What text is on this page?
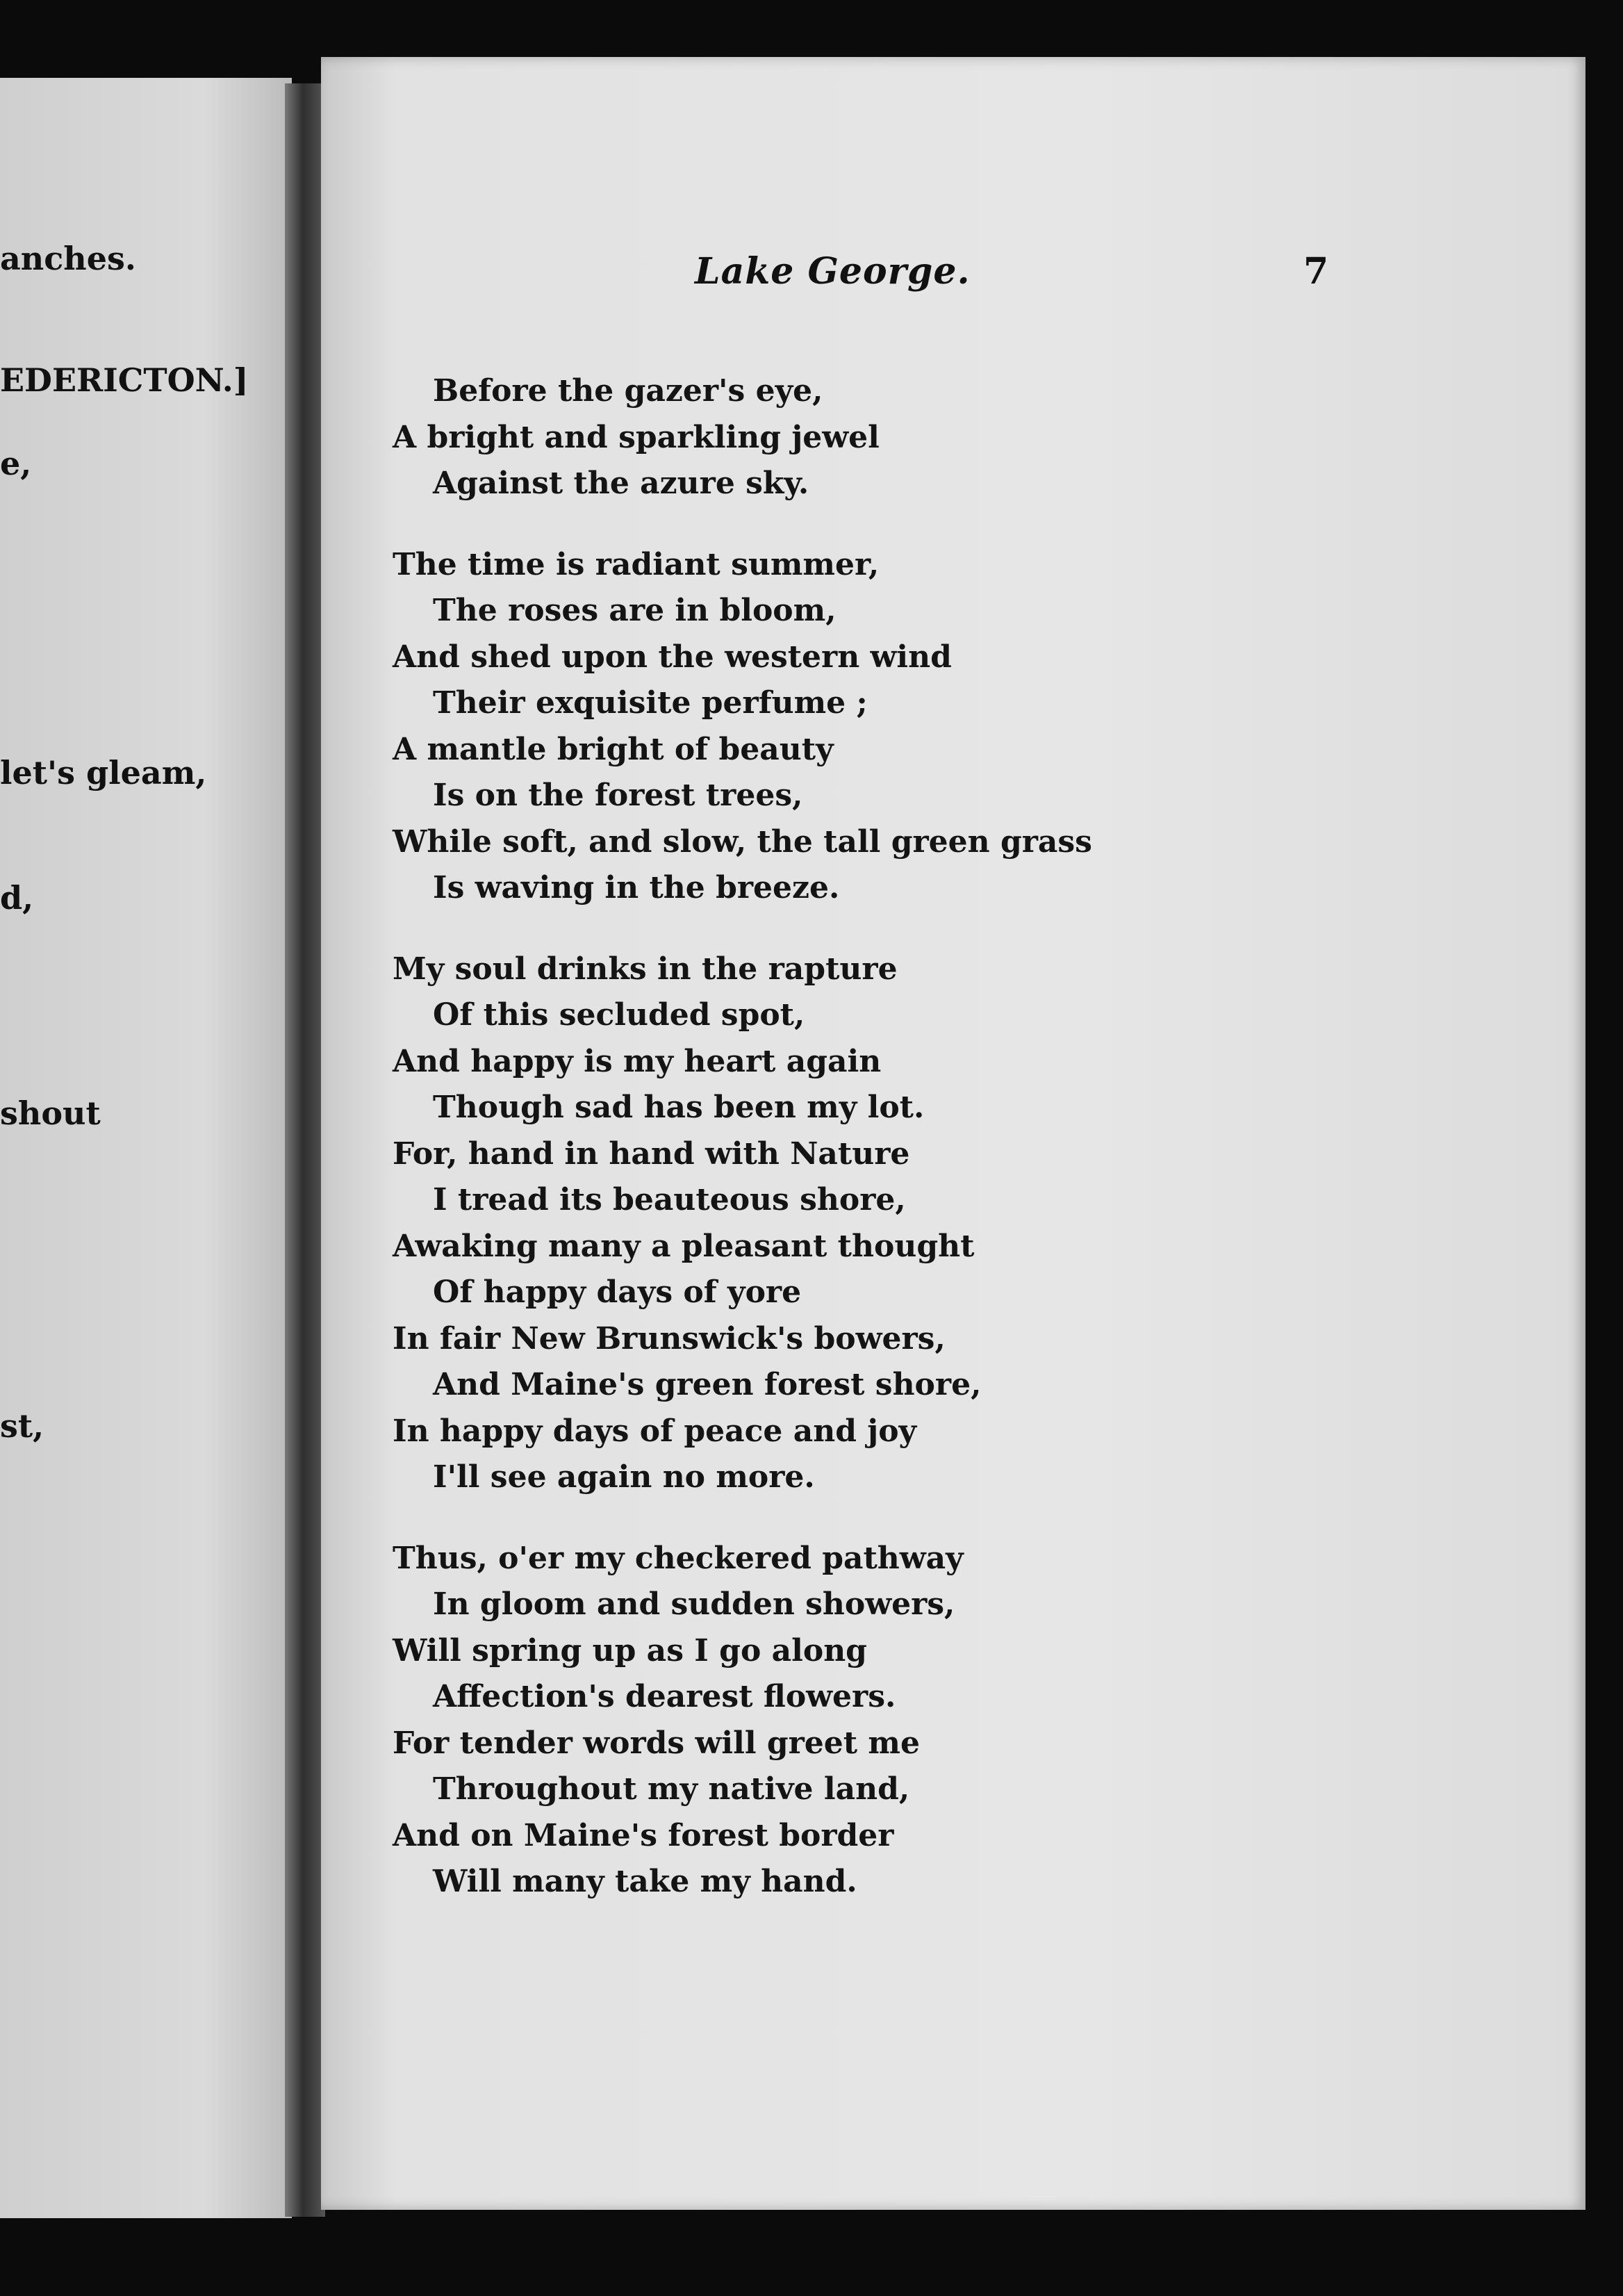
anches.
EDERICTON.]
e,
let's gleam,
d,
shout
st,
Lake George.	7
Before the gazer's eye,
A bright and sparkling jewel
Against the azure sky.
The time is radiant summer,
The roses are in bloom,
And shed upon the western wind
Their exquisite perfume ;
A mantle bright of beauty
Is on the forest trees,
While soft, and slow, the tall green grass
Is waving in the breeze.
My soul drinks in the rapture
Of this secluded spot,
And happy is my heart again
Though sad has been my lot.
For, hand in hand with Nature
I tread its beauteous shore,
Awaking many a pleasant thought
Of happy days of yore
In fair New Brunswick's bowers,
And Maine's green forest shore,
In happy days of peace and joy
I'll see again no more.
Thus, o'er my checkered pathway
In gloom and sudden showers,
Will spring up as I go along
Affection's dearest flowers.
For tender words will greet me
Throughout my native land,
And on Maine's forest border
Will many take my hand.
